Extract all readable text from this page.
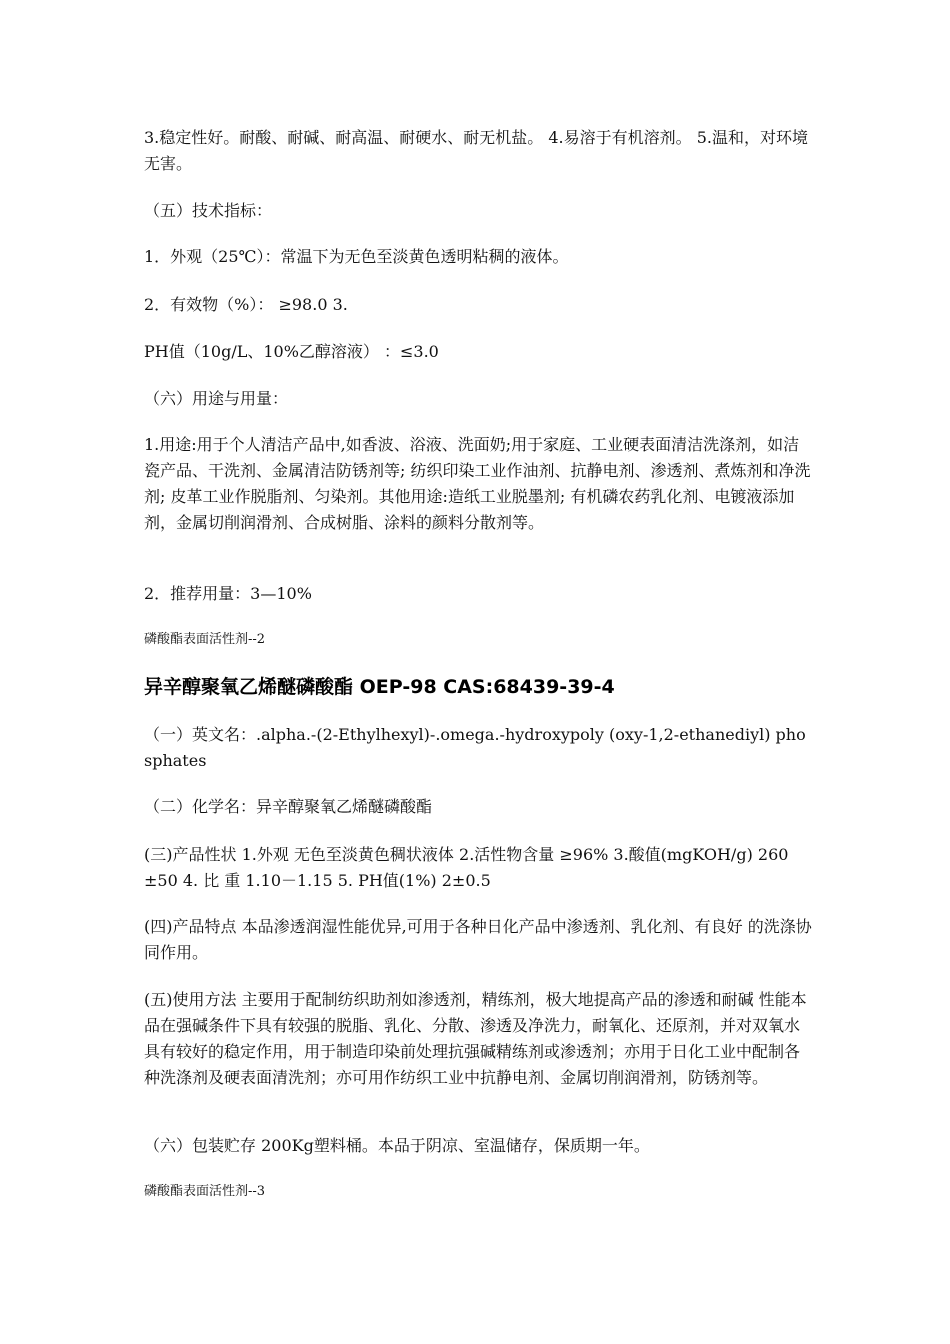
3.稳定性好。耐酸、耐碱、耐高温、耐硬水、耐无机盐。 4.易溶于有机溶剂。 5.温和，对环境无害。

（五）技术指标：

1．外观（25℃）：常温下为无色至淡黄色透明粘稠的液体。

2．有效物（%）： ≥98.0 3.

PH值（10g/L、10%乙醇溶液） ：≤3.0

（六）用途与用量：

1.用途:用于个人清洁产品中,如香波、浴液、洗面奶;用于家庭、工业硬表面清洁洗涤剂，如洁瓷产品、干洗剂、金属清洁防锈剂等; 纺织印染工业作油剂、抗静电剂、渗透剂、煮炼剂和净洗剂; 皮革工业作脱脂剂、匀染剂。其他用途:造纸工业脱墨剂; 有机磷农药乳化剂、电镀液添加剂，金属切削润滑剂、合成树脂、涂料的颜料分散剂等。

2．推荐用量：3—10%

磷酸酯表面活性剂--2

异辛醇聚氧乙烯醚磷酸酯 OEP-98 CAS:68439-39-4

（一）英文名：.alpha.-(2-Ethylhexyl)-.omega.-hydroxypoly (oxy-1,2-ethanediyl) phosphates

（二）化学名：异辛醇聚氧乙烯醚磷酸酯

(三)产品性状 1.外观 无色至淡黄色稠状液体 2.活性物含量 ≥96% 3.酸值(mgKOH/g) 260±50 4. 比 重 1.10－1.15 5. PH值(1%) 2±0.5

(四)产品特点 本品渗透润湿性能优异,可用于各种日化产品中渗透剂、乳化剂、有良好 的洗涤协同作用。

(五)使用方法 主要用于配制纺织助剂如渗透剂，精练剂，极大地提高产品的渗透和耐碱 性能本品在强碱条件下具有较强的脱脂、乳化、分散、渗透及净洗力，耐氧化、还原剂，并对双氧水具有较好的稳定作用，用于制造印染前处理抗强碱精练剂或渗透剂；亦用于日化工业中配制各种洗涤剂及硬表面清洗剂；亦可用作纺织工业中抗静电剂、金属切削润滑剂，防锈剂等。

（六）包装贮存 200Kg塑料桶。本品于阴凉、室温储存，保质期一年。

磷酸酯表面活性剂--3
